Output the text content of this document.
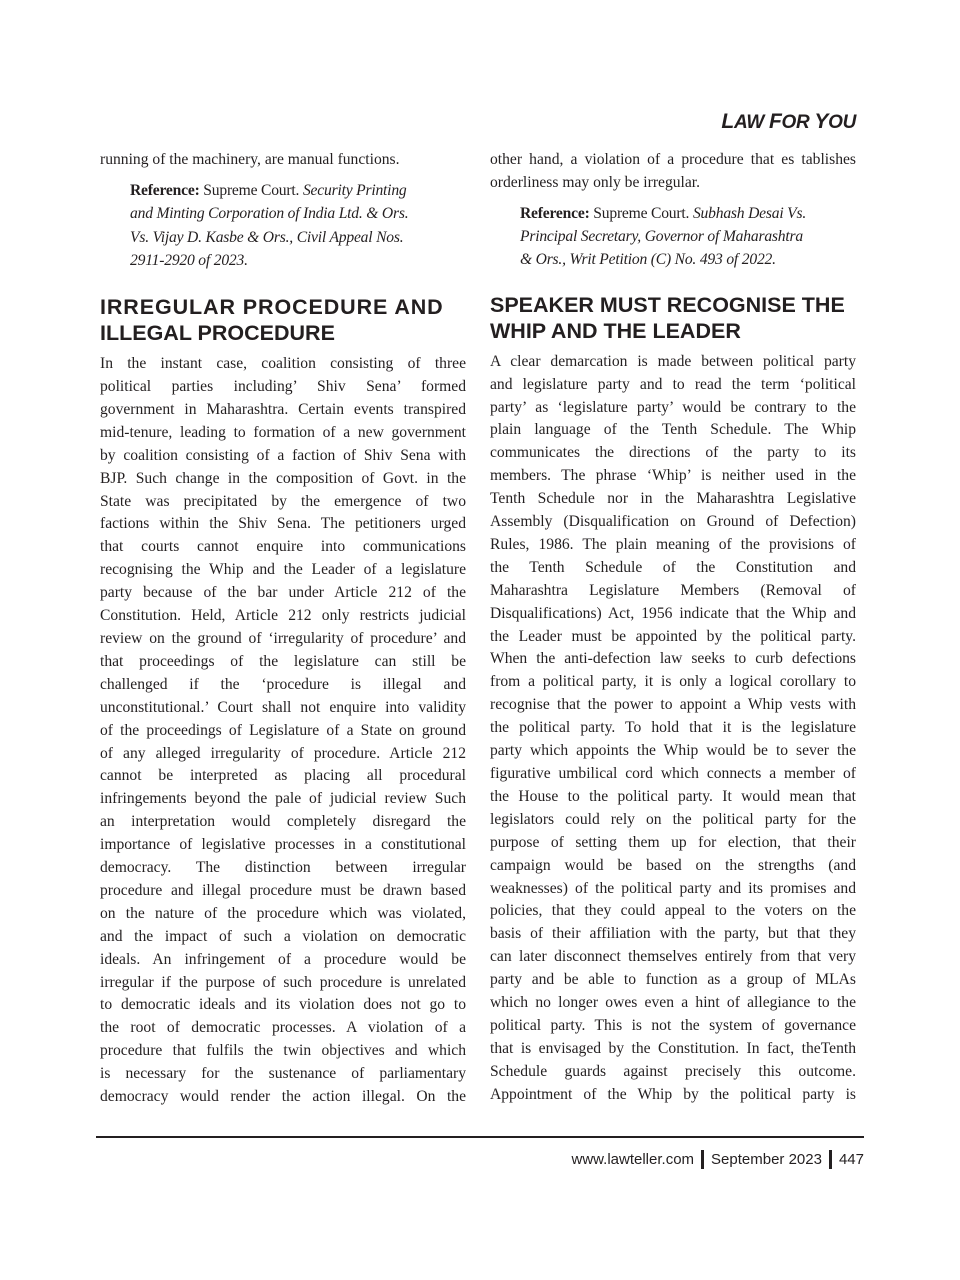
LAW FOR YOU
running of the machinery, are manual functions.
Reference: Supreme Court. Security Printing
and Minting Corporation of India Ltd. & Ors.
Vs. Vijay D. Kasbe & Ors., Civil Appeal Nos.
2911-2920 of 2023.
IRREGULAR PROCEDURE AND
ILLEGAL PROCEDURE
In the instant case, coalition consisting of three
political parties including’ Shiv Sena’ formed
government in Maharashtra. Certain events transpired
mid-tenure, leading to formation of a new government
by coalition consisting of a faction of Shiv Sena with
BJP. Such change in the composition of Govt. in the
State was precipitated by the emergence of two
factions within the Shiv Sena. The petitioners urged
that courts cannot enquire into communications
recognising the Whip and the Leader of a legislature
party because of the bar under Article 212 of the
Constitution. Held, Article 212 only restricts judicial
review on the ground of ‘irregularity of procedure’ and
that proceedings of the legislature can still be
challenged if the ‘procedure is illegal and
unconstitutional.’ Court shall not enquire into validity
of the proceedings of Legislature of a State on ground
of any alleged irregularity of procedure. Article 212
cannot be interpreted as placing all procedural
infringements beyond the pale of judicial review Such
an interpretation would completely disregard the
importance of legislative processes in a constitutional
democracy. The distinction between irregular
procedure and illegal procedure must be drawn based
on the nature of the procedure which was violated,
and the impact of such a violation on democratic
ideals. An infringement of a procedure would be
irregular if the purpose of such procedure is unrelated
to democratic ideals and its violation does not go to
the root of democratic processes. A violation of a
procedure that fulfils the twin objectives and which
is necessary for the sustenance of parliamentary
democracy would render the action illegal. On the
other hand, a violation of a procedure that es tablishes
orderliness may only be irregular.
Reference: Supreme Court. Subhash Desai Vs.
Principal Secretary, Governor of Maharashtra
& Ors., Writ Petition (C) No. 493 of 2022.
SPEAKER MUST RECOGNISE THE
WHIP AND THE LEADER
A clear demarcation is made between political party
and legislature party and to read the term ‘political
party’ as ‘legislature party’ would be contrary to the
plain language of the Tenth Schedule. The Whip
communicates the directions of the party to its
members. The phrase ‘Whip’ is neither used in the
Tenth Schedule nor in the Maharashtra Legislative
Assembly (Disqualification on Ground of Defection)
Rules, 1986. The plain meaning of the provisions of
the Tenth Schedule of the Constitution and
Maharashtra Legislature Members (Removal of
Disqualifications) Act, 1956 indicate that the Whip and
the Leader must be appointed by the political party.
When the anti-defection law seeks to curb defections
from a political party, it is only a logical corollary to
recognise that the power to appoint a Whip vests with
the political party. To hold that it is the legislature
party which appoints the Whip would be to sever the
figurative umbilical cord which connects a member of
the House to the political party. It would mean that
legislators could rely on the political party for the
purpose of setting them up for election, that their
campaign would be based on the strengths (and
weaknesses) of the political party and its promises and
policies, that they could appeal to the voters on the
basis of their affiliation with the party, but that they
can later disconnect themselves entirely from that very
party and be able to function as a group of MLAs
which no longer owes even a hint of allegiance to the
political party. This is not the system of governance
that is envisaged by the Constitution. In fact, theTenth
Schedule guards against precisely this outcome.
Appointment of the Whip by the political party is
www.lawteller.com September 2023 447
